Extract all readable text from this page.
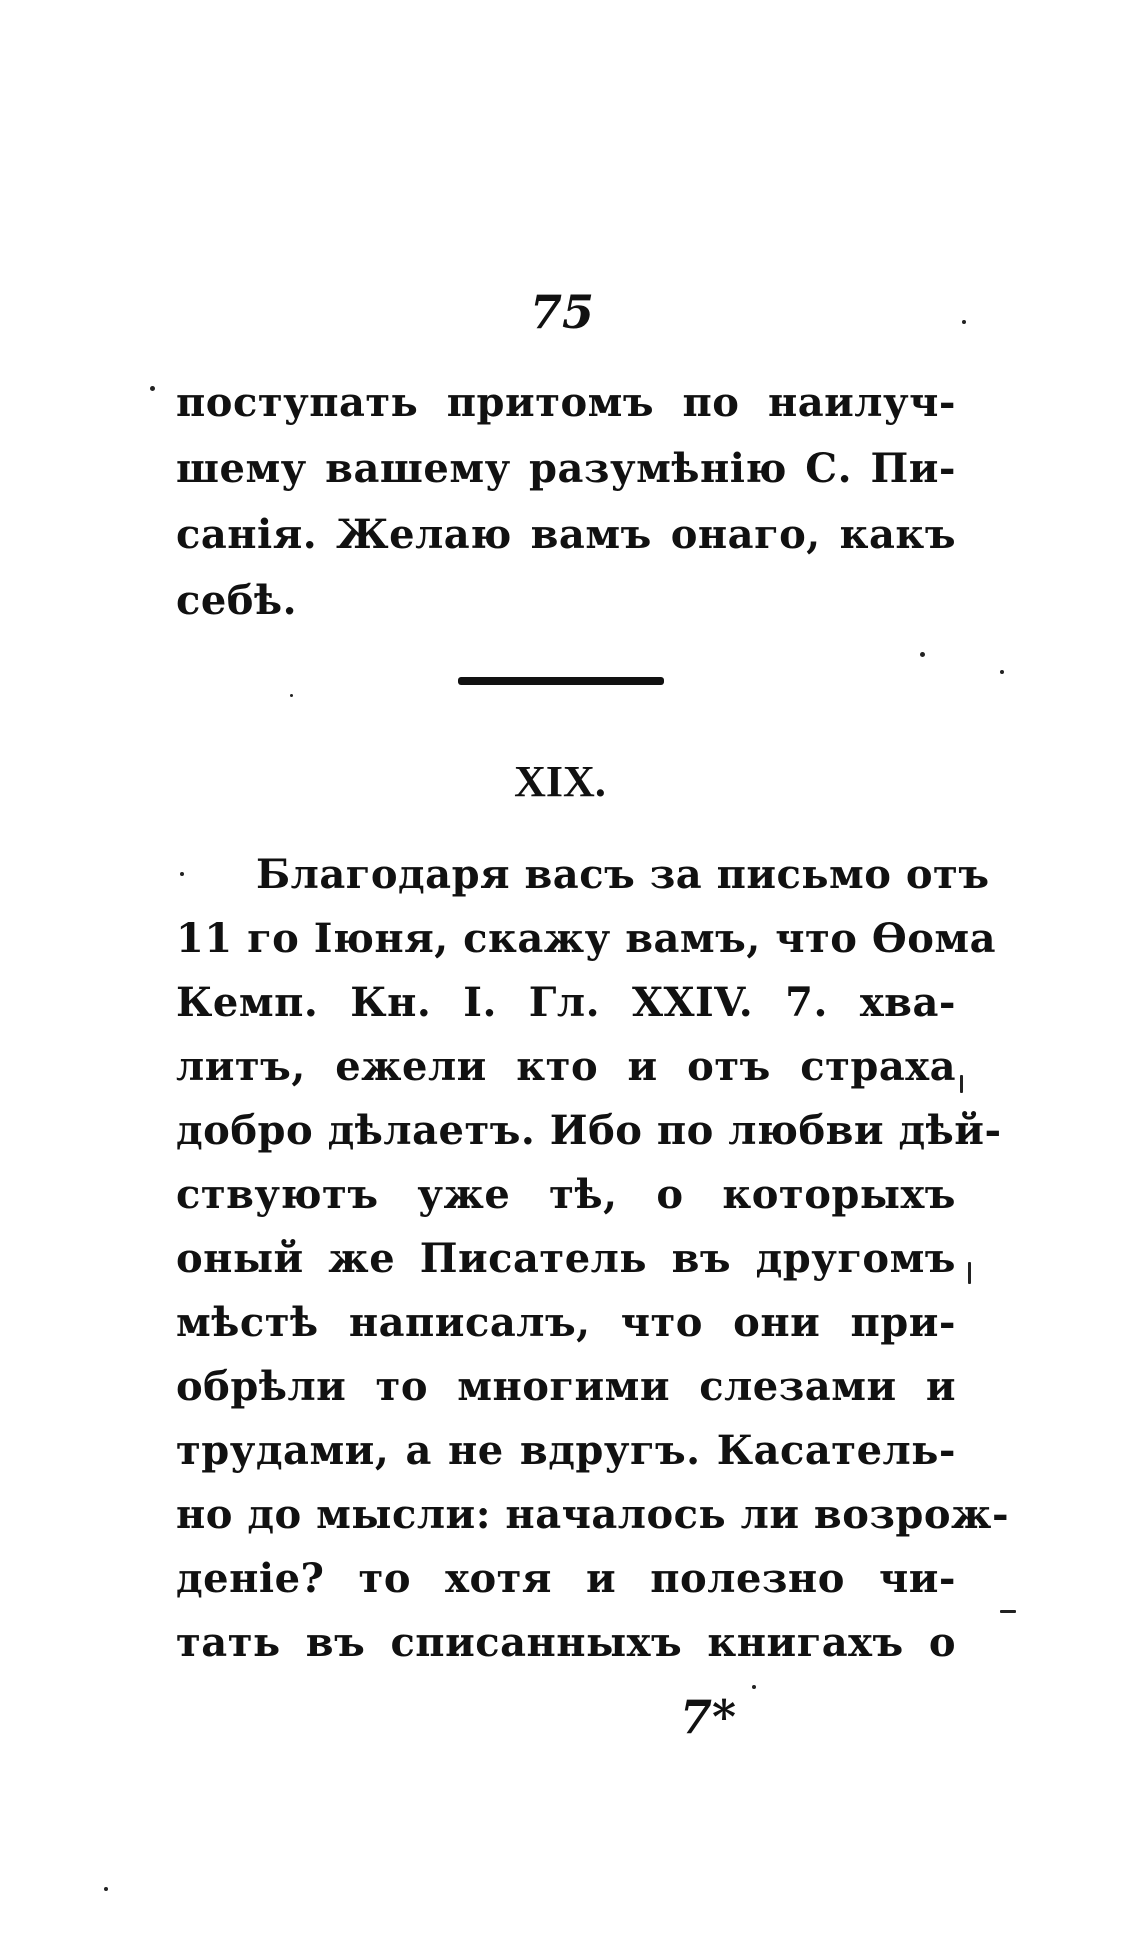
75
поступать притомъ по наилуч-
шему вашему разумѣнію С. Пи-
санія. Желаю вамъ онаго, какъ
себѣ.
XIX.
Благодаря васъ за письмо отъ
11 го Іюня, скажу вамъ, что Ѳома
Кемп. Кн. I. Гл. XXIV. 7. хва-
литъ, ежели кто и отъ страха
добро дѣлаетъ. Ибо по любви дѣй-
ствуютъ уже тѣ, о которыхъ
оный же Писатель въ другомъ
мѣстѣ написалъ, что они при-
обрѣли то многими слезами и
трудами, а не вдругъ. Касатель-
но до мысли: началось ли возрож-
деніе? то хотя и полезно чи-
тать въ списанныхъ книгахъ о
7*
